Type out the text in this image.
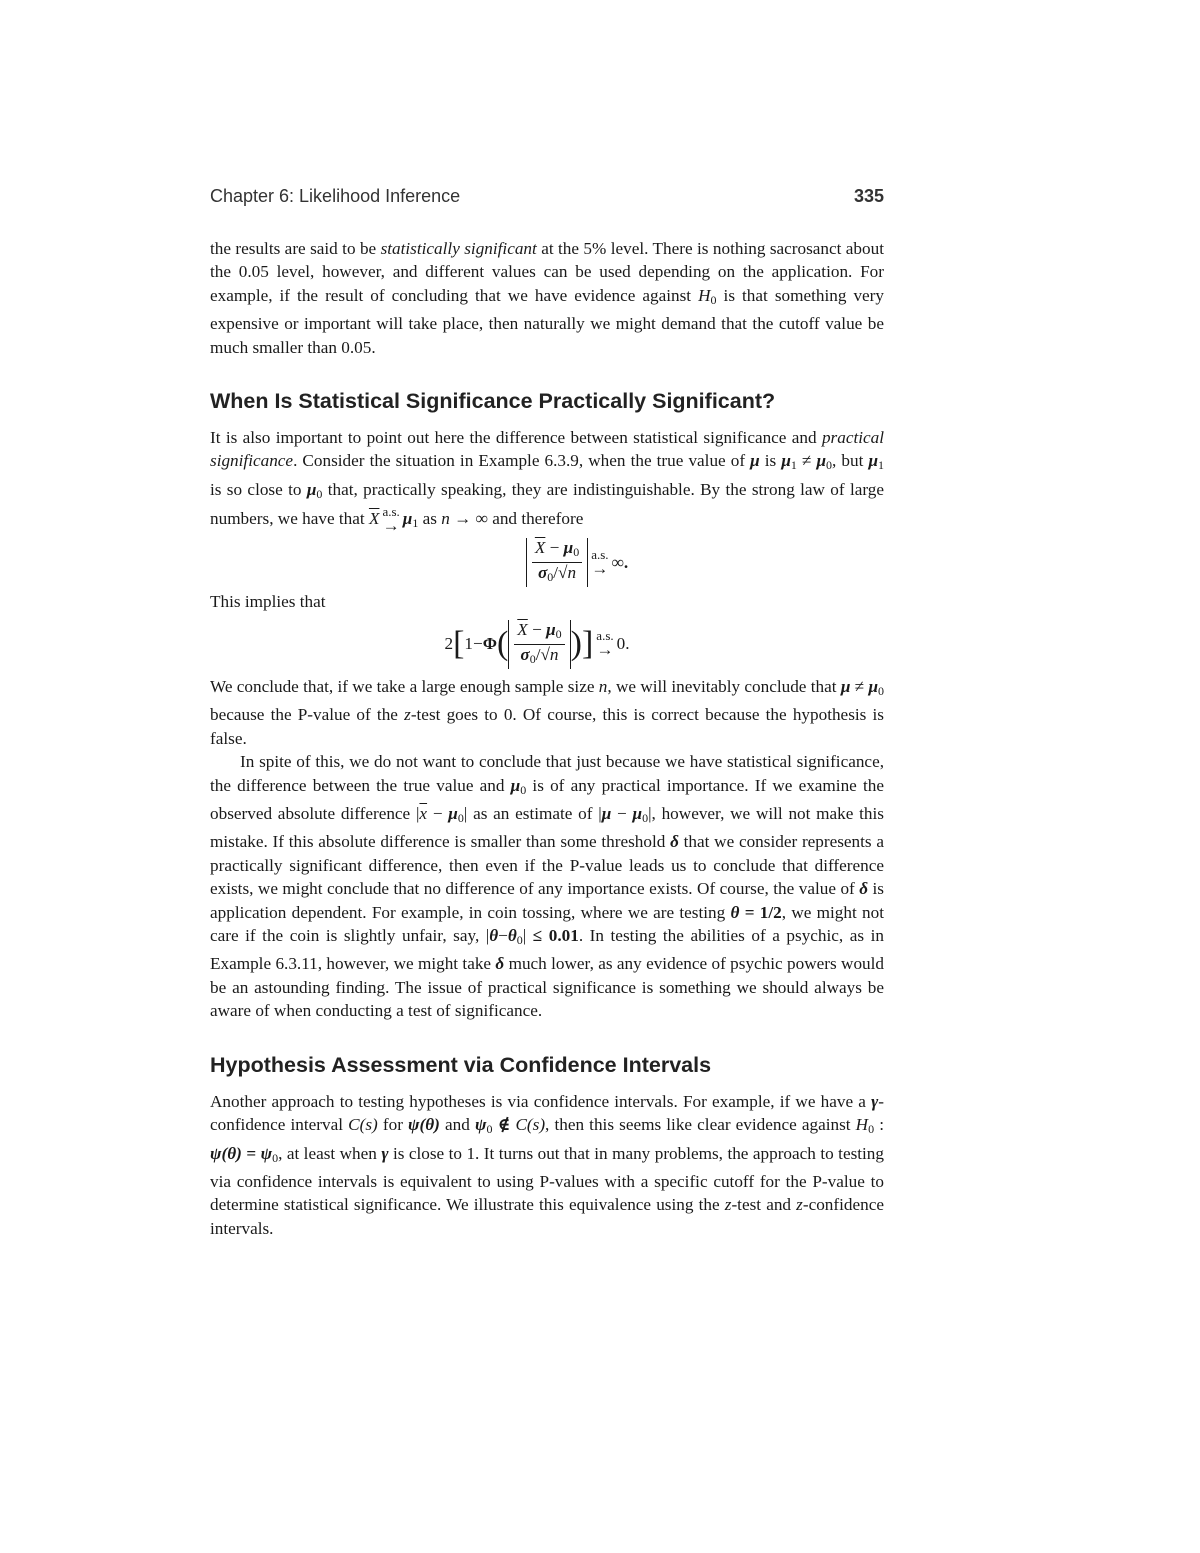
Chapter 6: Likelihood Inference	335

the results are said to be statistically significant at the 5% level. There is nothing sacrosanct about the 0.05 level, however, and different values can be used depending on the application. For example, if the result of concluding that we have evidence against $H_0$ is that something very expensive or important will take place, then naturally we might demand that the cutoff value be much smaller than 0.05.

When Is Statistical Significance Practically Significant?

It is also important to point out here the difference between statistical significance and practical significance. Consider the situation in Example 6.3.9, when the true value of μ is $\mu_1 \ne \mu_0$, but $\mu_1$ is so close to $\mu_0$ that, practically speaking, they are indistinguishable. By the strong law of large numbers, we have that $\overline{X}$ a.s.
→ $\mu_1$ as n → ∞ and therefore

$\frac{\overline{X} - \mu_0}{\sigma_0/√n} a.s$.
→ ∞.

This implies that

2 [ 1 − Φ ( $\frac{\overline{X} - \mu_0}{\sigma_0/√n}$ ) ] a.s.
→ 0.

We conclude that, if we take a large enough sample size n, we will inevitably conclude that $\mu \ne \mu_0$ because the P-value of the z-test goes to 0. Of course, this is correct because the hypothesis is false.

In spite of this, we do not want to conclude that just because we have statistical significance, the difference between the true value and $\mu_0$ is of any practical importance. If we examine the observed absolute difference $|\overline{x} - \mu_0|$ as an estimate of $|\mu - \mu_0|$, however, we will not make this mistake. If this absolute difference is smaller than some threshold δ that we consider represents a practically significant difference, then even if the P-value leads us to conclude that difference exists, we might conclude that no difference of any importance exists. Of course, the value of δ is application dependent. For example, in coin tossing, where we are testing θ = 1/2, we might not care if the coin is slightly unfair, say, $|\theta-\theta_0| \le 0.01$. In testing the abilities of a psychic, as in Example 6.3.11, however, we might take δ much lower, as any evidence of psychic powers would be an astounding finding. The issue of practical significance is something we should always be aware of when conducting a test of significance.

Hypothesis Assessment via Confidence Intervals

Another approach to testing hypotheses is via confidence intervals. For example, if we have a γ-confidence interval C(s) for ψ(θ) and $\psi_0$ ∉ C(s), then this seems like clear evidence against $H_0$ : $\psi(\theta) = \psi_0$, at least when γ is close to 1. It turns out that in many problems, the approach to testing via confidence intervals is equivalent to using P-values with a specific cutoff for the P-value to determine statistical significance. We illustrate this equivalence using the z-test and z-confidence intervals.
